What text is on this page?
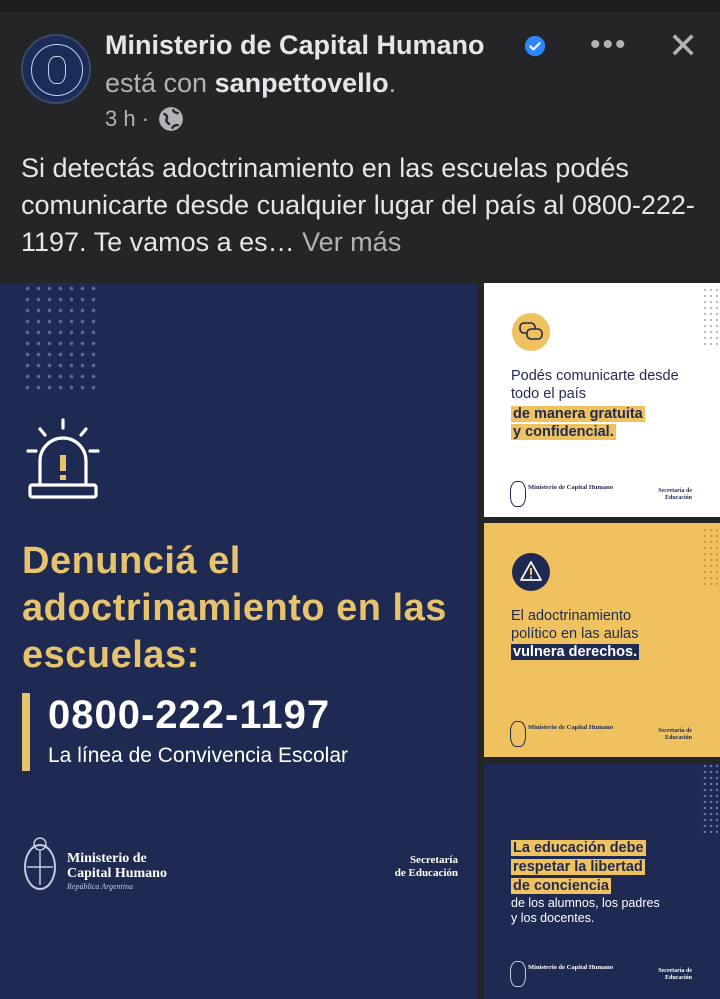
Ministerio de Capital Humano	••• ✕
está con sanpettovello.
3 h ·
Si detectás adoctrinamiento en las escuelas podés comunicarte desde cualquier lugar del país al 0800-222-1197. Te vamos a es… Ver más
Denunciá el adoctrinamiento en las escuelas:
0800-222-1197
La línea de Convivencia Escolar
Ministerio de
Capital Humano
República Argentina
Secretaría
de Educación
Podés comunicarte desde todo el país
de manera gratuita
y confidencial.
Ministerio de Capital Humano	Secretaría de Educación
El adoctrinamiento
político en las aulas
vulnera derechos.
Ministerio de Capital Humano	Secretaría de Educación
La educación debe
respetar la libertad
de conciencia
de los alumnos, los padres
y los docentes.
Ministerio de Capital Humano	Secretaría de Educación
